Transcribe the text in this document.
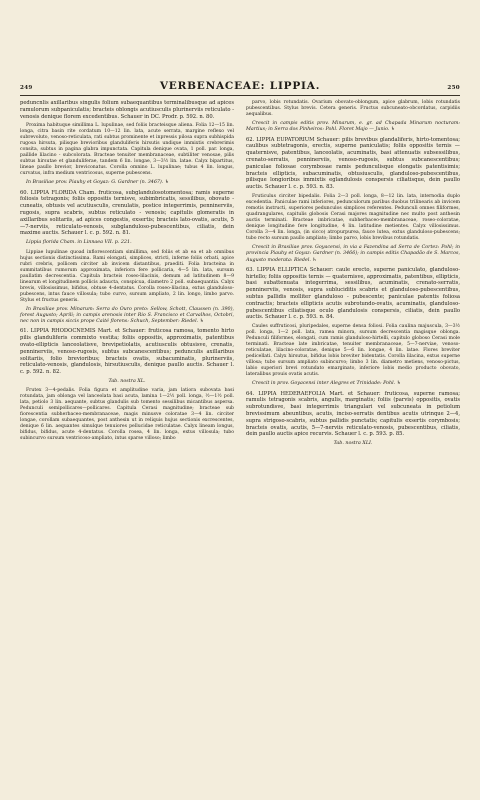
249	VERBENACEAE: LIPPIA.	250

peduncnlis axillaribus singulis folium subaequantibus terminalibusque ad apices ramulorum subpaniculatis; bracteis oblongis acutiusculis plurinerviis reticulato - venosis denique florem excedentibus. Schauer in DC. Prodr. p. 592. n. 80.

Proxima habituque simillima L. lupulinae, sed foliis bracteisque aliena. Folia 12—15 lin. longa, citra basin rite cordatum 10—12 lin. lata, acute serrata, margine reflexo vel subrevoluto, venoso-reticulata, rati subtus prominente et inpressis pilosa supra subhispida rugosa hirsuta, pilisque brevioribus glanduliferis hirsutis undique immixtis crebrerimis consita, subtus in pagina glabra impunctata. Capitula denique ovata, 1 poll. par. longa, paillide lilacino - subcolorata. Bracteae tenuiter membranaceae, subtiliter venosae, pilis subtus hirsutae et glanduliferae, tandem 6 lin. longae, 3—3½ lin. latae. Calyx bipartitus, lineae paullo brevior, breviconatus. Corolla omnino L. lupulinae; tubus 4 lin. longus, curvatus, infra medium ventricosus, superne pubescens.

In Brasiliae prov. Piauhy et Goyaz: G. Gardner (n. 3467). ♄

60. LIPPIA FLORIDA Cham. fruticosa, subglandulosotomentosa; ramis superne foliosis tetragonis; foliis oppositis ternisve, subimbricatis, sessilibus, obovato - cuneatis, obtusis vel acutiusculis, crenulatis, postice integerrimis, penninerviis, rugosis, supra scabris, subtus reticulato - venosis; capitulis glomeratis in axillaribus solitariis, ad apices congestis, exsertis; bracteis lato-ovatis, acutis, 5—7-nerviis, reticulato-venosis, subglanduloso-pubescentibus, ciliatis, dein maxime auctis. Schauer l. c. p. 592. n. 81.

Lippia florida Cham. in Linnaea VII. p. 221.

Lippiae lupulinae quoad inflorescentiam simillima, sed foliis et ab ea et ab omnibus hujus sectionis distinctissima. Rami elongati, simplices, stricti, inferne foliis orbati, apice rubri crebris, pollicem circiter ab invicem distantibus, praediti. Folia bracteina in summitatibus rumorum approximata, inferiora fere pollicaria, 4—5 lin. lata, sursum paullatim decrescentia. Capitula bracteis roseo-lilacinis, demum ad latitudinem 8—9 linearum et longitudinem pollicis adaucta, conspicua, diametro 2 poll. subaequantia. Calyx brevis, villosissimus, bifidus, obtuse 4-dentatus. Corolla roseo-lilacina, extus glanduloso-pubescens, intus fauce villosula; tubo curvo, sursum ampliato, 2 lin. longo, limbo parvo. Stylus et fructus generis.

In Brasiliae prov. Minarum: Serra do Ouro preto: Sellow, Schott, Claussen (n. 390), forest Augusto; Aprili; in campis arenosis inter Rio S. Francisco et Carvalhos, Octobri, nec non in campis siccis prope Caité florens: Schuch, September: Riedel. ♄

61. LIPPIA RHODOCNEMIS Mart. et Schauer: fruticosa ramosa, tomento hirto pilis glanduliferis commixto vestita; foliis oppositis, approximatis, patentibus ovato-ellipticis lanceolatisve, brevipetiolatis, acutiusculis obtusisve, crenatis, penninerviis, venoso-rugosis, subtus subcanescentibus; pedunculis axillaribus solitariis, folio brevioribus; bracteis ovatis, subacuminatis, plurinerviis, reticulato-venosis, glandulosis, hirsutiusculis, denique paullo auctis. Schauer l. c. p. 592. n. 82.

Tab. nostra XL.

Frutex 3—4-pedalis. Folia figura et amplitudine varia, jam latiora subovata basi rotundata, jam oblonga vel lanceolata basi acuta, lamina 1—2½ poll. longa, ½—1½ poll. lata, petiolo 3 lin. aequante, subtus glandulis sub tomento sessilibus micantibus aspersa. Pedunculi semipollicares—pollicares. Capitula Cerasi magnitudine; bracteae sub fiorescentia subherbaceo-membranaceae, magis minusve coloratae 3—4 lin. circiter longae, corollam subaequantes, post anthesin ut in reliquis hujus sectionis excrescentes, denique 6 lin. aequantes simulque tenuiores pellucidae reticulatae. Calyx lineam longus, bifidus, bifidus, acute 4-dentatus. Corolla rosea, 4 lin. longa, extus villosula; tubo subincurvo sursum ventricoso-ampliato, intus sparse villoso; limbo

parvo, lobis rotundatis. Ovarium obovato-oblongum, apice glabrum, lobis rotundatis pubescentibus. Stylus brevis. Cetera generis. Fructus subcuneato-obcordatus, carpidiis aequalibus.

Crescit in campis editis prov. Minarum, e. gr. ad Chapada Minarum nocturam: Martius; in Serra dos Pinheiros: Pohl. Floret Majo — Junio. ♄

62. LIPPIA EUPATORIUM Schauer: pilis brevibus glandaliferis, hirto-tomentosa; caulibus subtetragonis, erectis, superne paniculatis; foliis oppositis ternis — quaternisve, patentibus, lanceolatis, acuminatis, basi attenuatis subsessilibus, crenato-serratis, penninerviis, venoso-rugosis, subtus subcanescentibus; paniculae foliosae corymbosae ramis pedunculisque elongatis patentisimis; bracteis ellipticis, subacuminatis, obtusiusculis, glanduloso-pubescentibus, pilisque longioribus immixtis eglandulosis conspersis ciliatisque, dein paullo auctis. Schauer l. c. p. 593. n. 83.

Fruticulus circiter bipedalis. Folia 2—3 poll. longa, 8—12 lin. lata, internodia duplo excedentia. Paniculae rami inferiores, pedunculorum paribus duobus trilinearis ab invicem remotis instructi, superiores pedunculos simplices referentes. Pedunculi omnes filiformes, quadrangulares, capitulis globosis Cerasi majores magnitudine nec multo post anthesin auctis terminati. Bracteae imbricatae, subherbaceo-membranaceae, roseo-coloratae, denique longitudine fere longitudine, 4 lin. latitudine metientes. Calyx villosissimus. Corolla 3—4 lin. longa, (in sicco) atropurpurea, fauce lutea, extus glanduloso-pubescens; tubo recto sursum paullo ampliato; limbo parvo, lobis brevibus rotundatis.

Crescit in Brasiliae prov. Goyacensi, in via a Fazendina ad Serra de Cortez: Pohl; in provincia Piauhy et Goyaz: Gardner (n. 3466); in campis editis Chapadão de S. Marcos, Augusto moderata: Riedel. ♄

63. LIPPIA ELLIPTICA Schauer: caule erecto, superne paniculato, glanduloso-hirtello; foliis oppositis ternis — quaternisve, approximatis, patentibus, ellipticis, basi subattenuata integerrima, sessilibus, acuminatis, crenato-serratis, penninerviis, venosis, supra subluciditis scabris et glanduloso-pubescentibus, subtus pallidis molliter glanduloso - pubescente; paniculae patentis foliosa contractis; bracteis ellipticis acutis subrotundo-ovatis, acuminatis, glanduloso-pubescentibus ciliatisque oculo glandulosis conspersis, ciliatis, dein paullo auctis. Schauer l. c. p. 593. n. 84.

Caules suffruticosi, pluripedales, superne densa foliosi. Folia caulina majuscula, 3—3½ poll. longa, 1—2 poll. lata, ramea minora, sursum decrescentia magisque oblonga. Pedunculi filiformes, elongati, cum ramis glanduloso-hirtelli, capitulo globoso Cerasi mole terminati. Bracteae late imbricatae, tenuiter membranaceae, 5—7-nerviae, venoso-reticulatae, lilacino-coloratae, denique 5—6 lin. longae, 4 lin. latae. Flores breviter pedicellati. Calyx hirsutus, bifidus lobis breviter bidentatis. Corolla lilacina, extus superne villosa; tubo sursum ampliato subincurvo; limbo 3 lin. diametro metiens, venoso-pictus, labio superiori brevi rotundato emarginato, inferiore lobis medio producto obovato, lateralibus prouis ovatis acutis.

Crescit in prov. Goyacensi inter Alegres et Trinidade: Pohl. ♄

64. LIPPIA HEDERAEFOLIA Mart. et Schauer: fruticosa, superne ramosa; ramulis tetragonis scabris, angulis, marginatis; foliis (parvis) oppositis, ovatis subrotundisve, basi integerrimis triangulari vel subcuneata in petiolum brevissimum abeuntibus, acutis, inciso-serratis dentibus acutis utrinque 2—4, supra strigoso-scabris, subtus pallidis punctatis; capitulis exsertis corymbosis; bracteis ovatis, acutis, 5—7-nerviis reticulato-venosis, pubescentibus, ciliatis, dein paullo auctis apice recurvis. Schauer l. c. p. 593. p. 85.

Tab. nostra XLI.
